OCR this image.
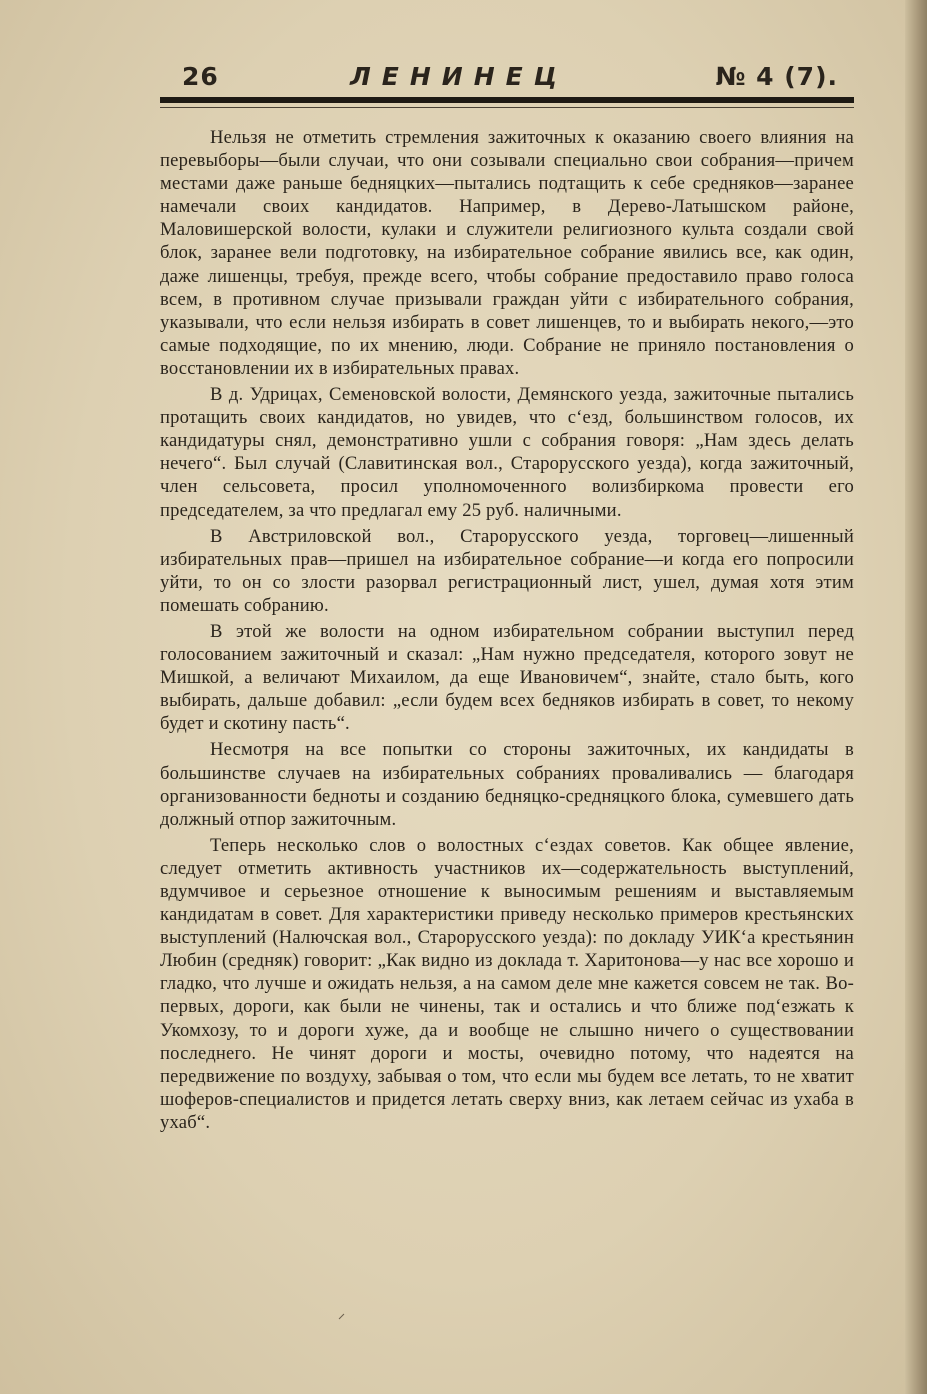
26	ЛЕНИНЕЦ	№ 4 (7).

Нельзя не отметить стремления зажиточных к оказанию своего влияния на перевыборы—были случаи, что они созывали специально свои собрания—причем местами даже раньше бедняцких—пытались подтащить к себе средняков—заранее намечали своих кандидатов. Например, в Дерево-Латышском районе, Маловишерской волости, кулаки и служители религиозного культа создали свой блок, заранее вели подготовку, на избирательное собрание явились все, как один, даже лишенцы, требуя, прежде всего, чтобы собрание предоставило право голоса всем, в противном случае призывали граждан уйти с избирательного собрания, указывали, что если нельзя избирать в совет лишенцев, то и выбирать некого,—это самые подходящие, по их мнению, люди. Собрание не приняло постановления о восстановлении их в избирательных правах.

В д. Удрицах, Семеновской волости, Демянского уезда, зажиточные пытались протащить своих кандидатов, но увидев, что с‘езд, большинством голосов, их кандидатуры снял, демонстративно ушли с собрания говоря: „Нам здесь делать нечего“. Был случай (Славитинская вол., Старорусского уезда), когда зажиточный, член сельсовета, просил уполномоченного волизбиркома провести его председателем, за что предлагал ему 25 руб. наличными.

В Австриловской вол., Старорусского уезда, торговец—лишенный избирательных прав—пришел на избирательное собрание—и когда его попросили уйти, то он со злости разорвал регистрационный лист, ушел, думая хотя этим помешать собранию.

В этой же волости на одном избирательном собрании выступил перед голосованием зажиточный и сказал: „Нам нужно председателя, которого зовут не Мишкой, а величают Михаилом, да еще Ивановичем“, знайте, стало быть, кого выбирать, дальше добавил: „если будем всех бедняков избирать в совет, то некому будет и скотину пасть“.

Несмотря на все попытки со стороны зажиточных, их кандидаты в большинстве случаев на избирательных собраниях проваливались — благодаря организованности бедноты и созданию бедняцко-средняцкого блока, сумевшего дать должный отпор зажиточным.

Теперь несколько слов о волостных с‘ездах советов. Как общее явление, следует отметить активность участников их—содержательность выступлений, вдумчивое и серьезное отношение к выносимым решениям и выставляемым кандидатам в совет. Для характеристики приведу несколько примеров крестьянских выступлений (Налючская вол., Старорусского уезда): по докладу УИК‘а крестьянин Любин (средняк) говорит: „Как видно из доклада т. Харитонова—у нас все хорошо и гладко, что лучше и ожидать нельзя, а на самом деле мне кажется совсем не так. Во-первых, дороги, как были не чинены, так и остались и что ближе под‘езжать к Укомхозу, то и дороги хуже, да и вообще не слышно ничего о существовании последнего. Не чинят дороги и мосты, очевидно потому, что надеятся на передвижение по воздуху, забывая о том, что если мы будем все летать, то не хватит шоферов-специалистов и придется летать сверху вниз, как летаем сейчас из ухаба в ухаб“.
